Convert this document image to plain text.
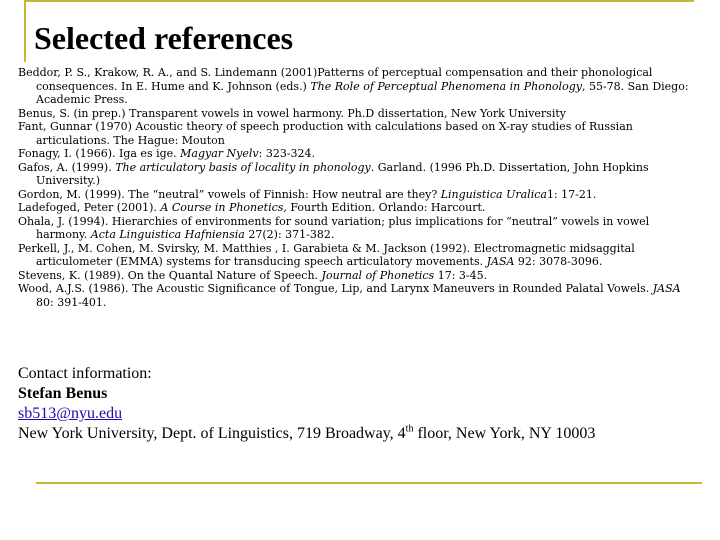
Selected references
Beddor, P. S., Krakow, R. A., and S. Lindemann (2001)Patterns of perceptual compensation and their phonological consequences. In E. Hume and K. Johnson (eds.) The Role of Perceptual Phenomena in Phonology, 55-78. San Diego: Academic Press.
Benus, S. (in prep.) Transparent vowels in vowel harmony. Ph.D dissertation, New York University
Fant, Gunnar (1970) Acoustic theory of speech production with calculations based on X-ray studies of Russian articulations. The Hague: Mouton
Fonagy, I. (1966). Iga es ige. Magyar Nyelv: 323-324.
Gafos, A. (1999). The articulatory basis of locality in phonology. Garland. (1996 Ph.D. Dissertation, John Hopkins University.)
Gordon, M. (1999). The “neutral” vowels of Finnish: How neutral are they? Linguistica Uralica1: 17-21.
Ladefoged, Peter (2001). A Course in Phonetics, Fourth Edition. Orlando: Harcourt.
Ohala, J. (1994). Hierarchies of environments for sound variation; plus implications for “neutral” vowels in vowel harmony. Acta Linguistica Hafniensia 27(2): 371-382.
Perkell, J., M. Cohen, M. Svirsky, M. Matthies , I. Garabieta & M. Jackson (1992). Electromagnetic midsaggital articulometer (EMMA) systems for transducing speech articulatory movements. JASA 92: 3078-3096.
Stevens, K. (1989). On the Quantal Nature of Speech. Journal of Phonetics 17: 3-45.
Wood, A.J.S. (1986). The Acoustic Significance of Tongue, Lip, and Larynx Maneuvers in Rounded Palatal Vowels. JASA 80: 391-401.
Contact information:
Stefan Benus
sb513@nyu.edu
New York University, Dept. of Linguistics, 719 Broadway, 4th floor, New York, NY 10003
